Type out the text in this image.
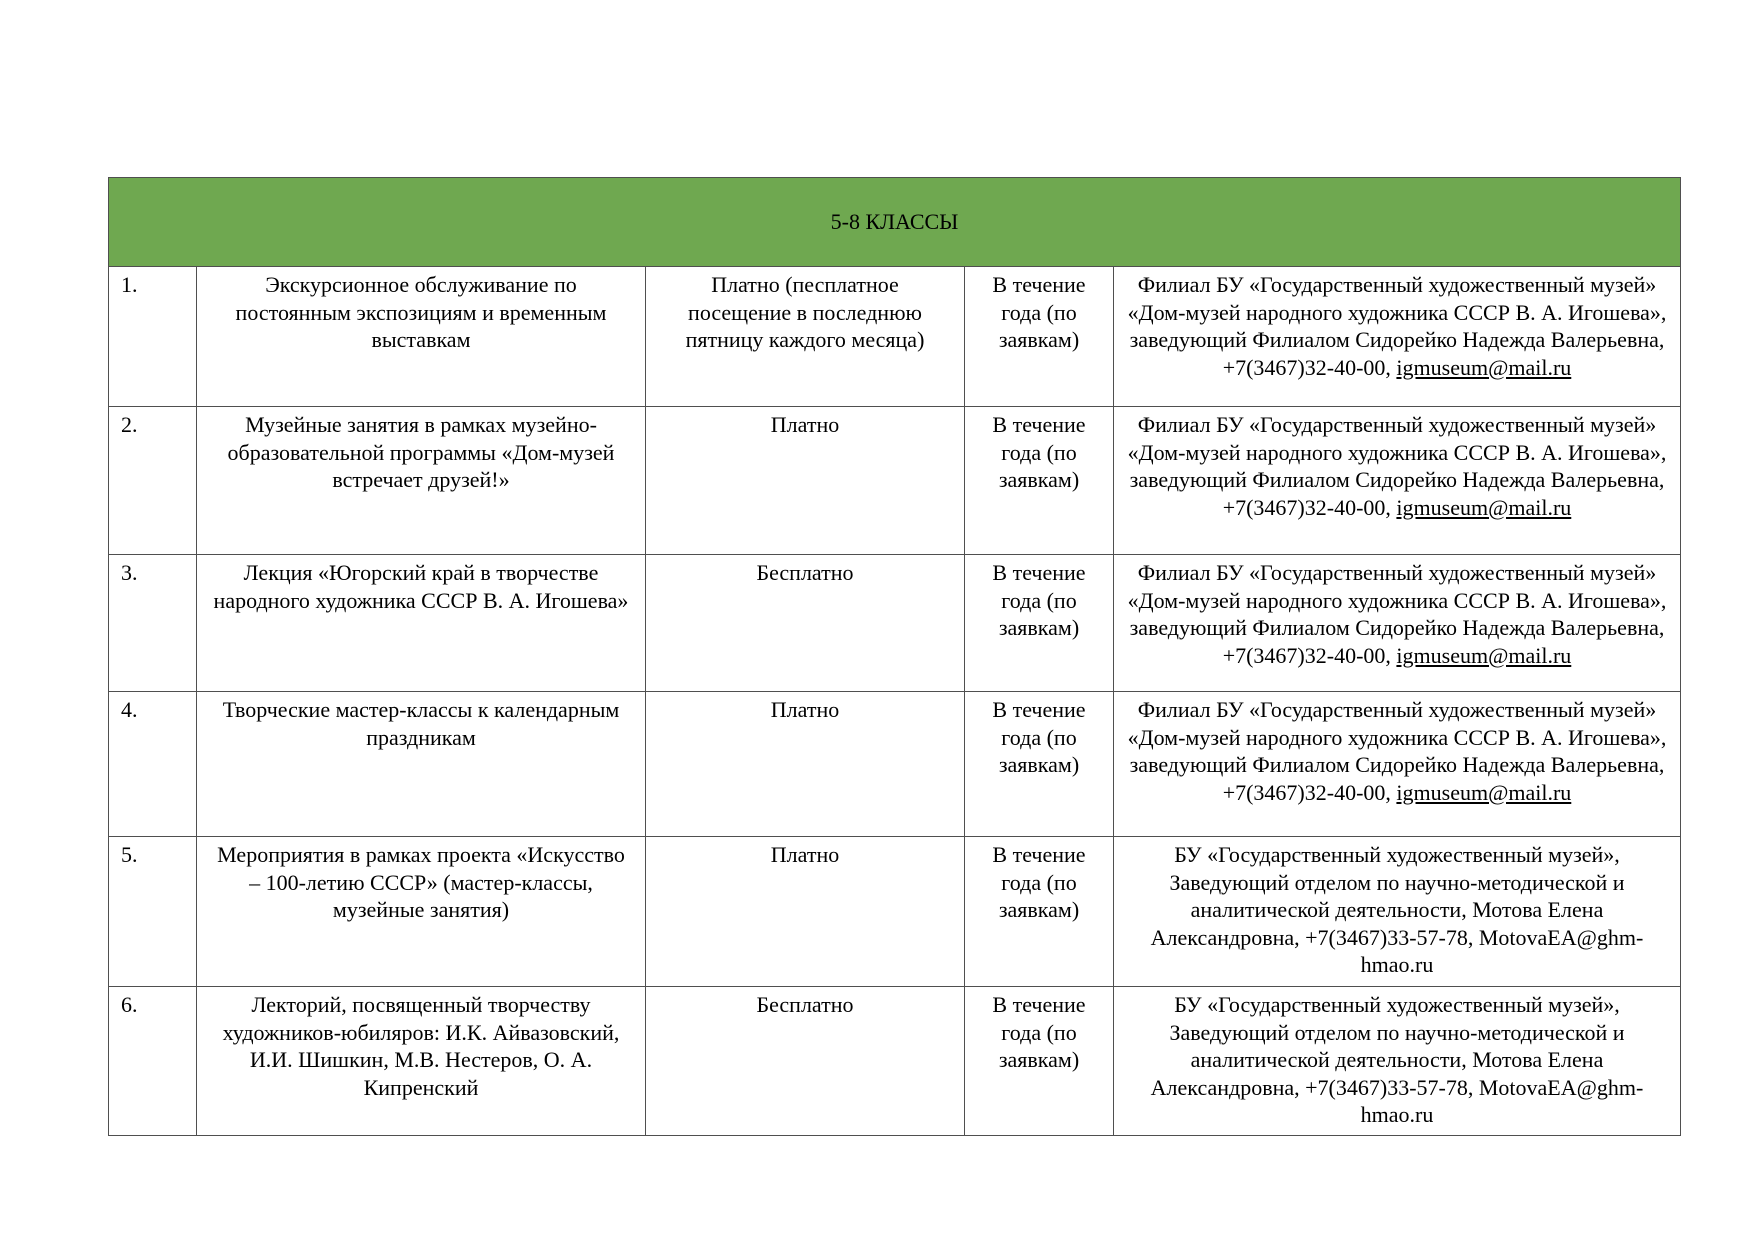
5-8 КЛАССЫ				
1.	Экскурсионное обслуживание по постоянным экспозициям и временным выставкам	Платно (песплатное посещение в последнюю пятницу каждого месяца)	В течение года (по заявкам)	Филиал БУ «Государственный художественный музей» «Дом-музей народного художника СССР В. А. Игошева», заведующий Филиалом Сидорейко Надежда Валерьевна, +7(3467)32-40-00, igmuseum@mail.ru
2.	Музейные занятия в рамках музейно-образовательной программы «Дом-музей встречает друзей!»	Платно	В течение года (по заявкам)	Филиал БУ «Государственный художественный музей» «Дом-музей народного художника СССР В. А. Игошева», заведующий Филиалом Сидорейко Надежда Валерьевна, +7(3467)32-40-00, igmuseum@mail.ru
3.	Лекция «Югорский край в творчестве народного художника СССР В. А. Игошева»	Бесплатно	В течение года (по заявкам)	Филиал БУ «Государственный художественный музей» «Дом-музей народного художника СССР В. А. Игошева», заведующий Филиалом Сидорейко Надежда Валерьевна, +7(3467)32-40-00, igmuseum@mail.ru
4.	Творческие мастер-классы к календарным праздникам	Платно	В течение года (по заявкам)	Филиал БУ «Государственный художественный музей» «Дом-музей народного художника СССР В. А. Игошева», заведующий Филиалом Сидорейко Надежда Валерьевна, +7(3467)32-40-00, igmuseum@mail.ru
5.	Мероприятия в рамках проекта «Искусство – 100-летию СССР» (мастер-классы, музейные занятия)	Платно	В течение года (по заявкам)	БУ «Государственный художественный музей», Заведующий отделом по научно-методической и аналитической деятельности, Мотова Елена Александровна, +7(3467)33-57-78, MotovaEA@ghm-hmao.ru
6.	Лекторий, посвященный творчеству художников-юбиляров: И.К. Айвазовский, И.И. Шишкин, М.В. Нестеров, О. А. Кипренский	Бесплатно	В течение года (по заявкам)	БУ «Государственный художественный музей», Заведующий отделом по научно-методической и аналитической деятельности, Мотова Елена Александровна, +7(3467)33-57-78, MotovaEA@ghm-hmao.ru
